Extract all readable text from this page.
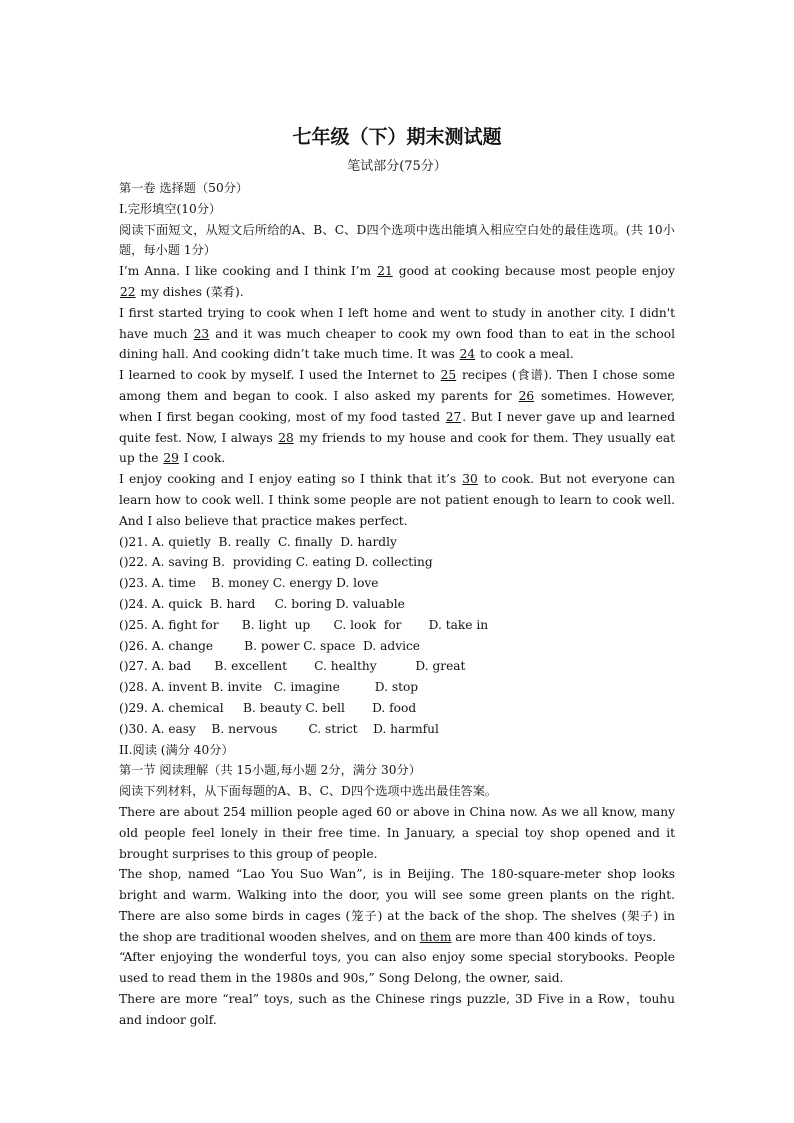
七年级（下）期末测试题
笔试部分(75分）

第一卷 选择题（50分）

I.完形填空(10分）

阅读下面短文，从短文后所给的A、B、C、D四个选项中选出能填入相应空白处的最佳选项。(共 10小题，每小题 1分）

I’m Anna. I like cooking and I think I’m 21 good at cooking because most people enjoy 22 my dishes (菜肴).

I first started trying to cook when I left home and went to study in another city. I didn't have much 23 and it was much cheaper to cook my own food than to eat in the school dining hall. And cooking didn’t take much time. It was 24 to cook a meal.

I learned to cook by myself. I used the Internet to 25 recipes (食谱). Then I chose some among them and began to cook. I also asked my parents for 26 sometimes. However, when I first began cooking, most of my food tasted 27. But I never gave up and learned quite fest. Now, I always 28 my friends to my house and cook for them. They usually eat up the 29 I cook.

I enjoy cooking and I enjoy eating so I think that it’s 30 to cook. But not everyone can learn how to cook well. I think some people are not patient enough to learn to cook well. And I also believe that practice makes perfect.

()21. A. quietly  B. really  C. finally  D. hardly

()22. A. saving B.  providing C. eating D. collecting

()23. A. time    B. money C. energy D. love

()24. A. quick  B. hard     C. boring D. valuable

()25. A. fight for      B. light  up      C. look  for       D. take in

()26. A. change        B. power C. space  D. advice

()27. A. bad      B. excellent       C. healthy          D. great

()28. A. invent B. invite   C. imagine         D. stop

()29. A. chemical     B. beauty C. bell       D. food

()30. A. easy    B. nervous        C. strict    D. harmful

II.阅读 (满分 40分）

第一节 阅读理解（共 15小题,每小题 2分，满分 30分）

阅读下列材料，从下面每题的A、B、C、D四个选项中选出最佳答案。

There are about 254 million people aged 60 or above in China now. As we all know, many old people feel lonely in their free time. In January, a special toy shop opened and it brought surprises to this group of people.

The shop, named “Lao You Suo Wan”, is in Beijing. The 180-square-meter shop looks bright and warm. Walking into the door, you will see some green plants on the right. There are also some birds in cages (笼子) at the back of the shop. The shelves (架子) in the shop are traditional wooden shelves, and on them are more than 400 kinds of toys.

“After enjoying the wonderful toys, you can also enjoy some special storybooks. People used to read them in the 1980s and 90s,” Song Delong, the owner, said.

There are more “real” toys, such as the Chinese rings puzzle, 3D Five in a Row，touhu and indoor golf.
